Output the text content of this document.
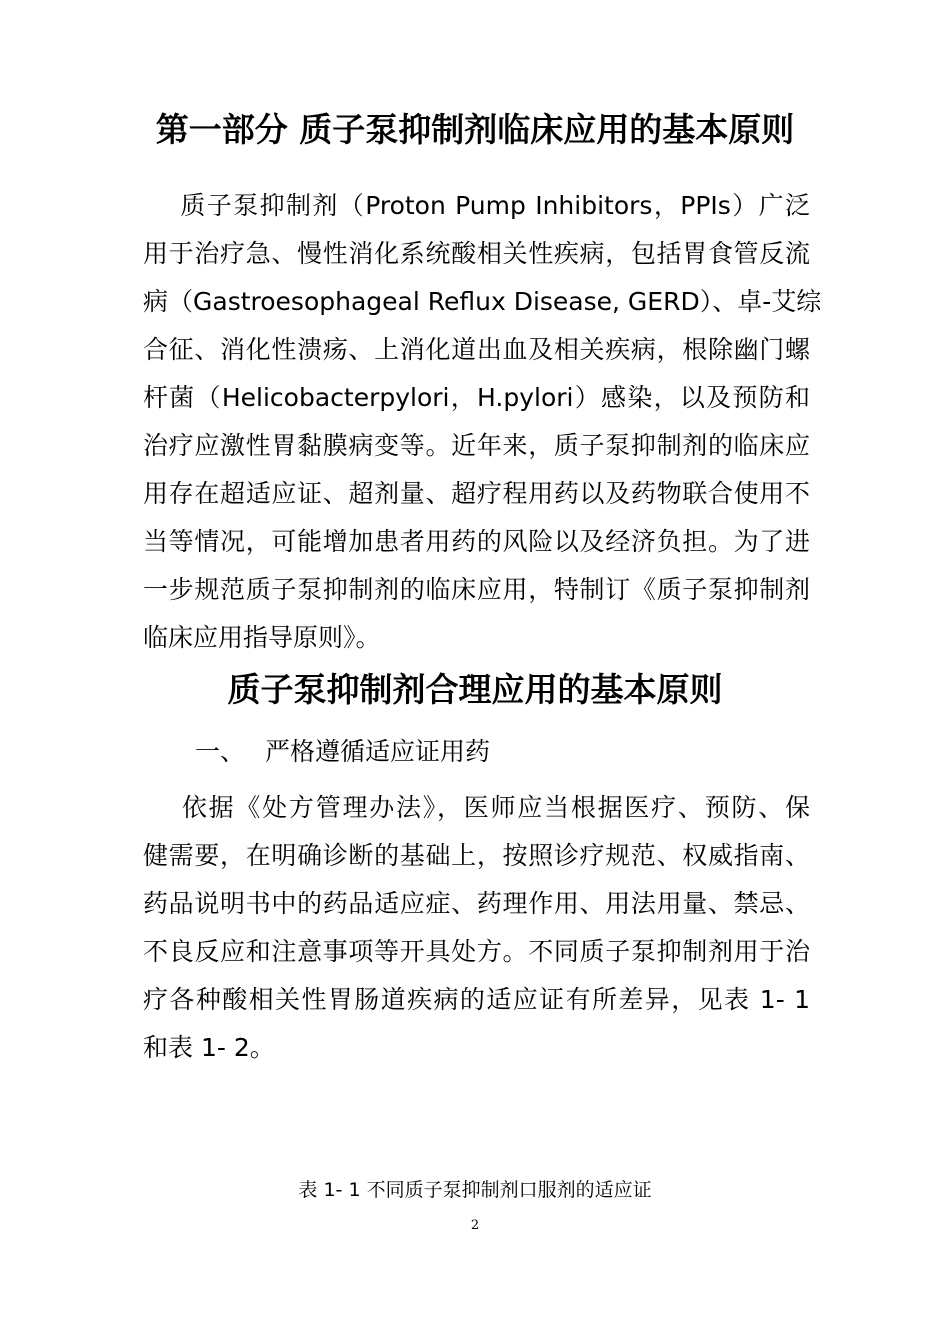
第一部分 质子泵抑制剂临床应用的基本原则
质子泵抑制剂（Proton Pump Inhibitors，PPIs）广泛
用于治疗急、慢性消化系统酸相关性疾病，包括胃食管反流
病（Gastroesophageal Reflux Disease, GERD）、卓-艾综
合征、消化性溃疡、上消化道出血及相关疾病，根除幽门螺
杆菌（Helicobacterpylori，H.pylori）感染，以及预防和
治疗应激性胃黏膜病变等。近年来，质子泵抑制剂的临床应
用存在超适应证、超剂量、超疗程用药以及药物联合使用不
当等情况，可能增加患者用药的风险以及经济负担。为了进
一步规范质子泵抑制剂的临床应用，特制订《质子泵抑制剂
临床应用指导原则》。
质子泵抑制剂合理应用的基本原则
一、 严格遵循适应证用药
依据《处方管理办法》，医师应当根据医疗、预防、保
健需要，在明确诊断的基础上，按照诊疗规范、权威指南、
药品说明书中的药品适应症、药理作用、用法用量、禁忌、
不良反应和注意事项等开具处方。不同质子泵抑制剂用于治
疗各种酸相关性胃肠道疾病的适应证有所差异，见表 1- 1
和表 1- 2。
表 1- 1 不同质子泵抑制剂口服剂的适应证
2
